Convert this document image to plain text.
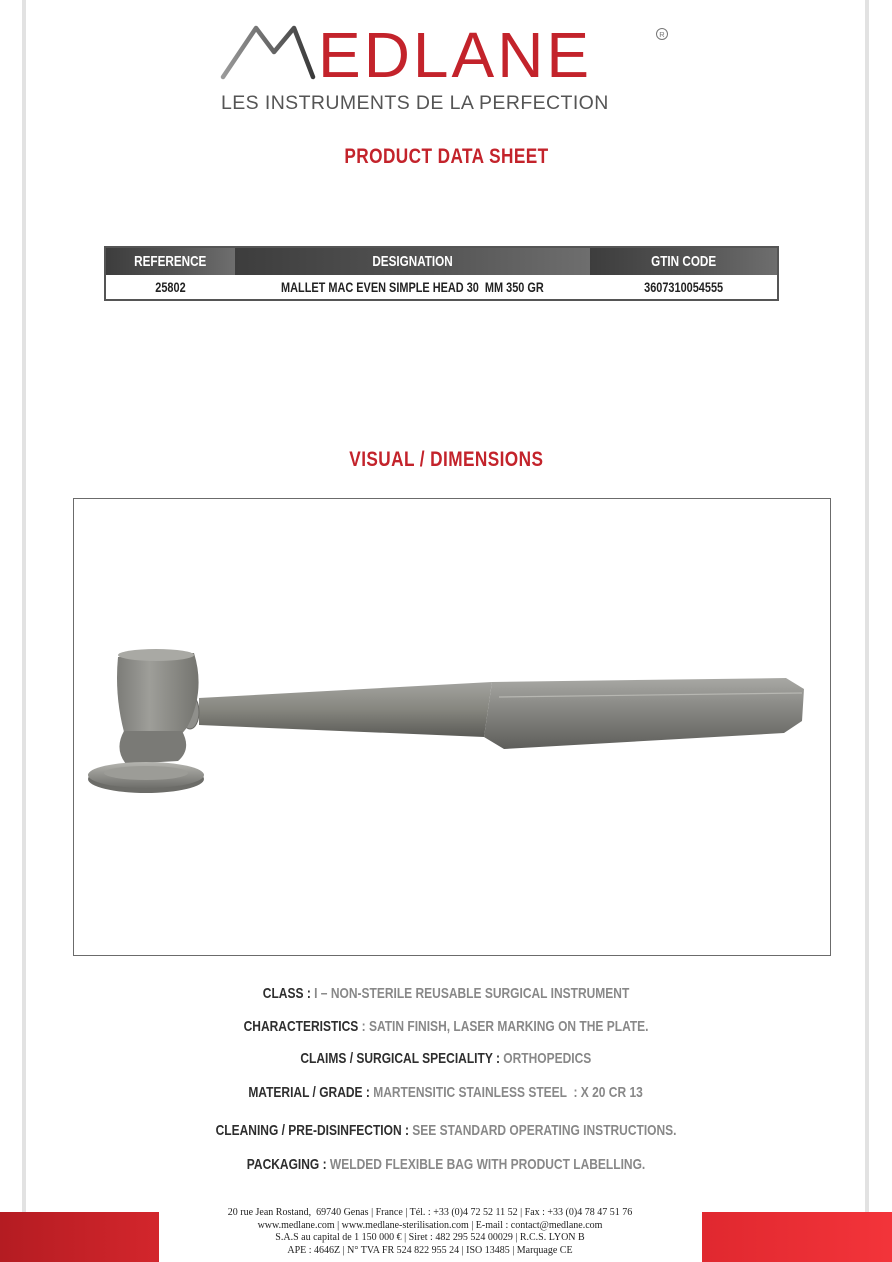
EDLANE	R
LES INSTRUMENTS DE LA PERFECTION
PRODUCT DATA SHEET
REFERENCE	DESIGNATION	GTIN CODE
25802	MALLET MAC EVEN SIMPLE HEAD 30  MM 350 GR	3607310054555
VISUAL / DIMENSIONS
CLASS : I – NON-STERILE REUSABLE SURGICAL INSTRUMENT
CHARACTERISTICS : SATIN FINISH, LASER MARKING ON THE PLATE.
CLAIMS / SURGICAL SPECIALITY : ORTHOPEDICS
MATERIAL / GRADE : MARTENSITIC STAINLESS STEEL  : X 20 CR 13
CLEANING / PRE-DISINFECTION : SEE STANDARD OPERATING INSTRUCTIONS.
PACKAGING : WELDED FLEXIBLE BAG WITH PRODUCT LABELLING.
20 rue Jean Rostand,  69740 Genas | France | Tél. : +33 (0)4 72 52 11 52 | Fax : +33 (0)4 78 47 51 76
www.medlane.com | www.medlane-sterilisation.com | E-mail : contact@medlane.com
S.A.S au capital de 1 150 000 € | Siret : 482 295 524 00029 | R.C.S. LYON B
APE : 4646Z | N° TVA FR 524 822 955 24 | ISO 13485 | Marquage CE
